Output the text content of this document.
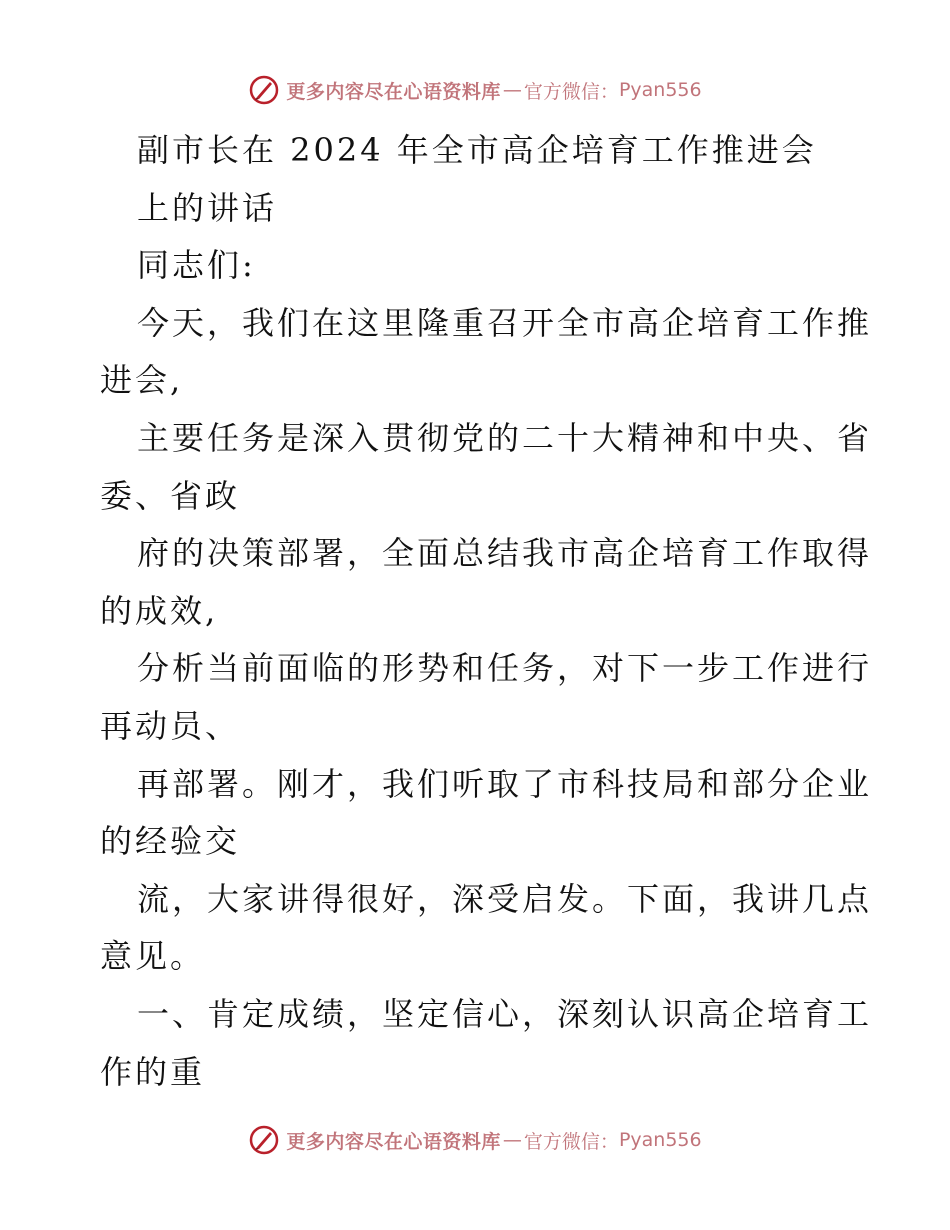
更多内容尽在心语资料库 — 官方微信： Pyan556
副市长在 2024 年全市高企培育工作推进会
上的讲话
同志们:
今天，我们在这里隆重召开全市高企培育工作推
进会,
主要任务是深入贯彻党的二十大精神和中央、省
委、省政
府的决策部署，全面总结我市高企培育工作取得
的成效,
分析当前面临的形势和任务，对下一步工作进行
再动员、
再部署。刚才，我们听取了市科技局和部分企业
的经验交
流，大家讲得很好，深受启发。下面，我讲几点
意见。
一、肯定成绩，坚定信心，深刻认识高企培育工
作的重
更多内容尽在心语资料库 — 官方微信： Pyan556
